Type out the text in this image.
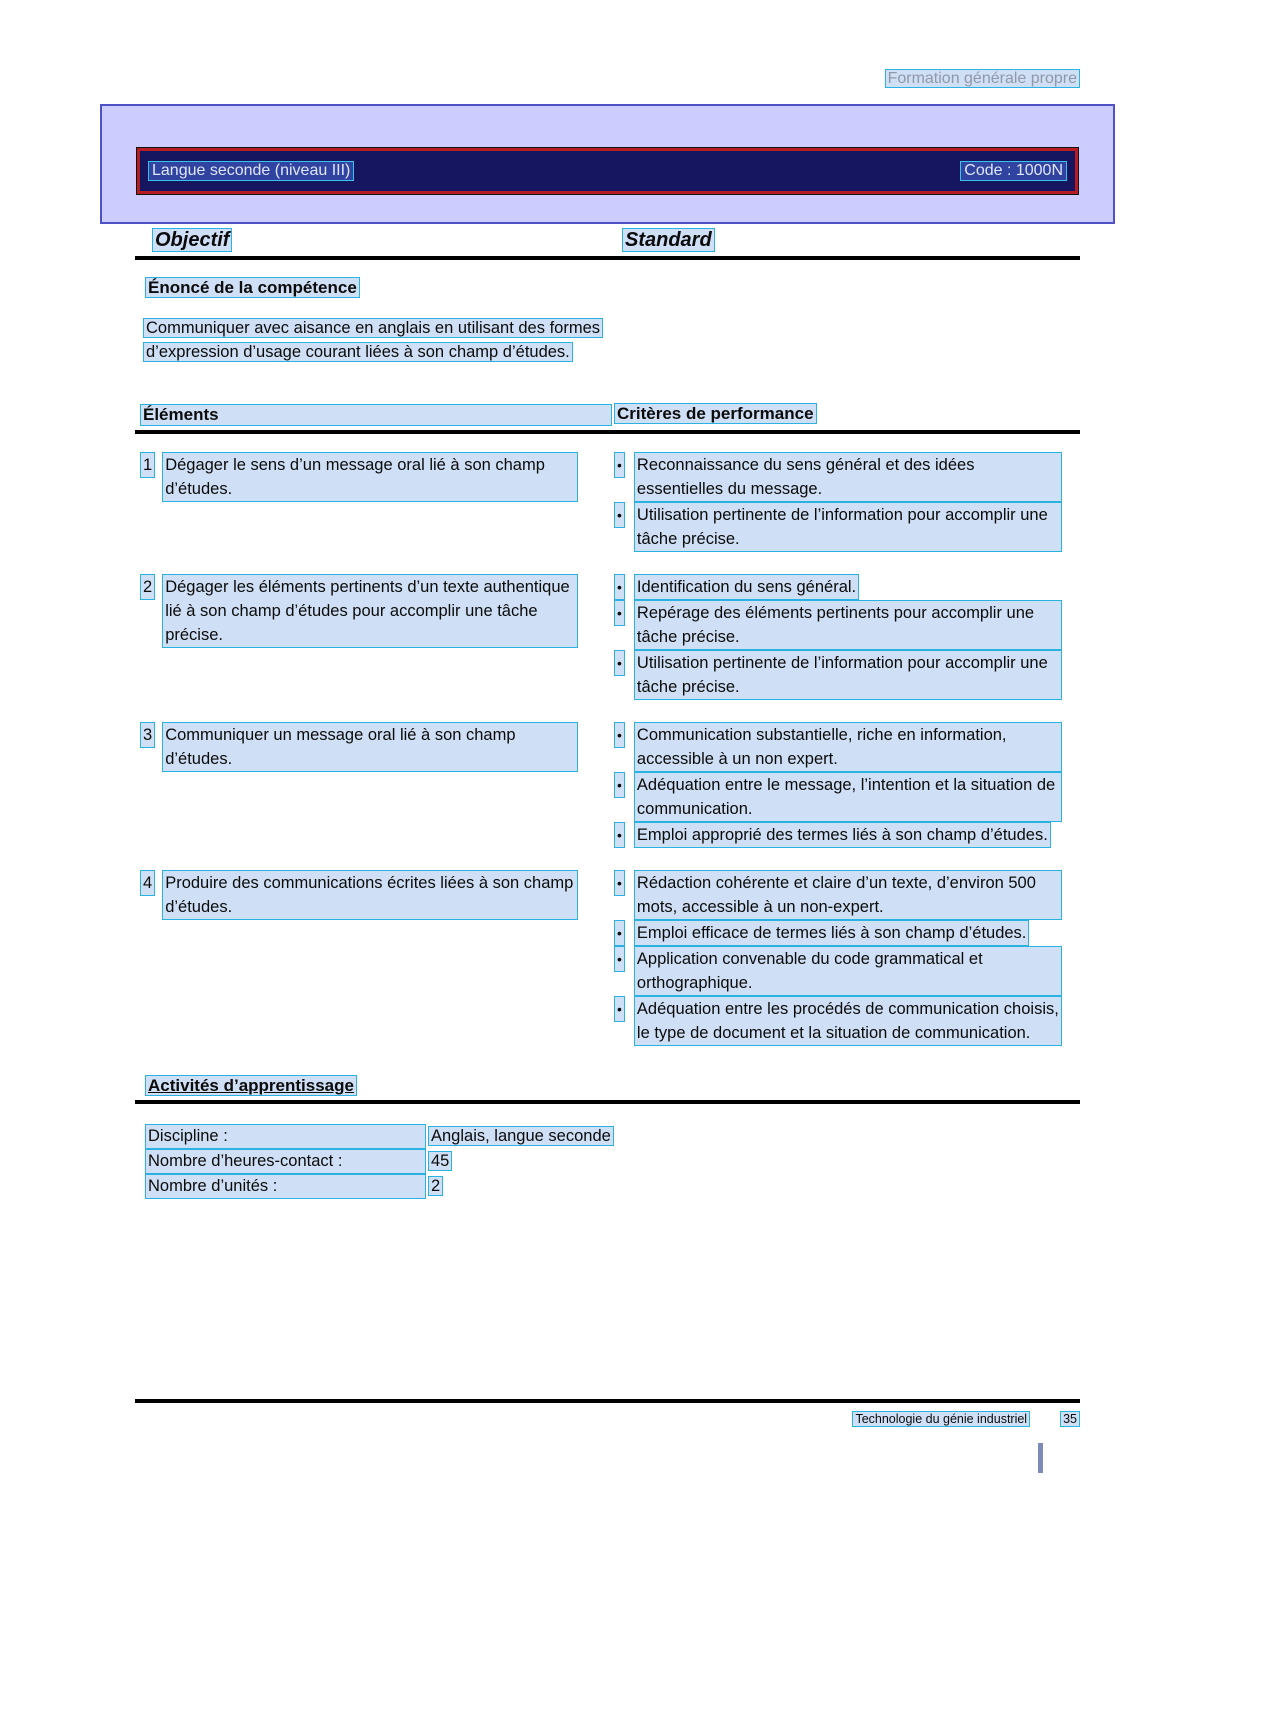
Formation générale propre
Langue seconde (niveau III)	Code : 1000N
Objectif	Standard
Énoncé de la compétence

Communiquer avec aisance en anglais en utilisant des formes d’expression d’usage courant liées à son champ d’études.

Éléments	Critères de performance
1 Dégager le sens d’un message oral lié à son champ d’études.
• Reconnaissance du sens général et des idées essentielles du message.
• Utilisation pertinente de l’information pour accomplir une tâche précise.
2 Dégager les éléments pertinents d’un texte authentique lié à son champ d’études pour accomplir une tâche précise.
• Identification du sens général.
• Repérage des éléments pertinents pour accomplir une tâche précise.
• Utilisation pertinente de l’information pour accomplir une tâche précise.
3 Communiquer un message oral lié à son champ d’études.
• Communication substantielle, riche en information, accessible à un non expert.
• Adéquation entre le message, l’intention et la situation de communication.
• Emploi approprié des termes liés à son champ d’études.
4 Produire des communications écrites liées à son champ d’études.
• Rédaction cohérente et claire d’un texte, d’environ 500 mots, accessible à un non-expert.
• Emploi efficace de termes liés à son champ d’études.
• Application convenable du code grammatical et orthographique.
• Adéquation entre les procédés de communication choisis, le type de document et la situation de communication.
Activités d’apprentissage
Discipline :	Anglais, langue seconde
Nombre d’heures-contact :	45
Nombre d’unités :	2
Technologie du génie industriel	35
